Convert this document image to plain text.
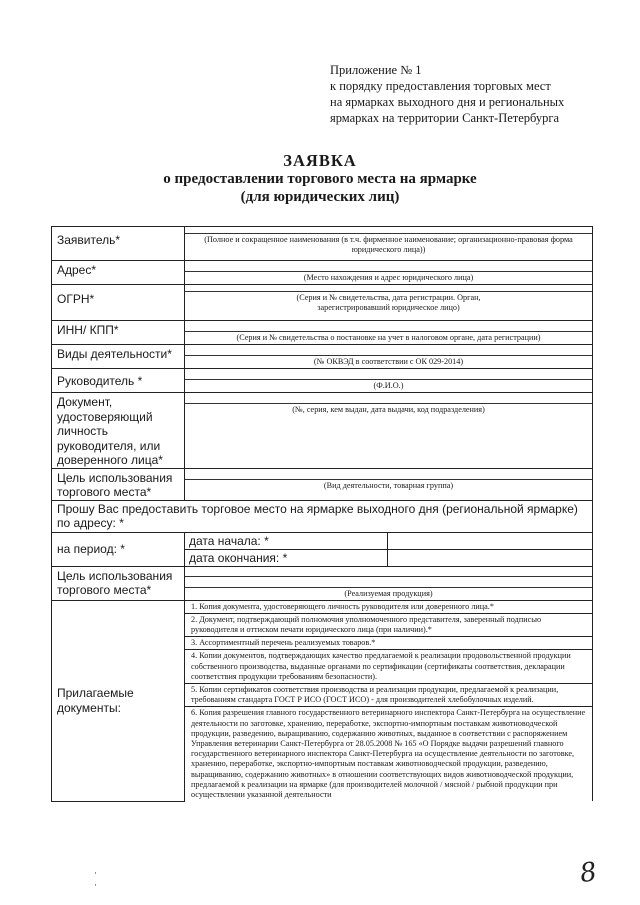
Приложение № 1
к порядку предоставления торговых мест
на ярмарках выходного дня и региональных
ярмарках на территории Санкт-Петербурга
ЗАЯВКА
о предоставлении торгового места на ярмарке
(для юридических лиц)
Заявитель*	(Полное и сокращенное наименования (в т.ч. фирменное наименование; организационно-правовая форма юридического лица))	

Адрес*	(Место нахождения и адрес юридического лица)	

ОГРН*	(Серия и № свидетельства, дата регистрации. Орган, зарегистрировавший юридическое лицо)	

ИНН/ КПП*	(Серия и № свидетельства о постановке на учет в налоговом органе, дата регистрации)	

Виды деятельности*	(№ ОКВЭД в соответствии с ОК 029-2014)	

Руководитель *	(Ф.И.О.)	

Документ, удостоверяющий личность руководителя, или доверенного лица*	(№, серия, кем выдан, дата выдачи, код подразделения)	

Цель использования торгового места*	(Вид деятельности, товарная группа)	

Прошу Вас предоставить торговое место на ярмарке выходного дня (региональной ярмарке) по адресу: *		
на период: *	дата начала: *	
	дата окончания: *	
Цель использования торгового места*	(Реализуемая продукция)	

Прилагаемые документы:	1. Копия документа, удостоверяющего личность руководителя или доверенного лица.*	
	2. Документ, подтверждающий полномочия уполномоченного представителя, заверенный подписью руководителя и оттиском печати юридического лица (при наличии).*	
	3. Ассортиментный перечень реализуемых товаров.*	
	4. Копии документов, подтверждающих качество предлагаемой к реализации продовольственной продукции собственного производства, выданные органами по сертификации (сертификаты соответствия, декларации соответствия продукции требованиям безопасности).	
	5. Копии сертификатов соответствия производства и реализации продукции, предлагаемой к реализации, требованиям стандарта ГОСТ Р ИСО (ГОСТ ИСО) - для производителей хлебобулочных изделий.	
	6. Копия разрешения главного государственного ветеринарного инспектора Санкт-Петербурга на осуществление деятельности по заготовке, хранению, переработке, экспортно-импортным поставкам животноводческой продукции, разведению, выращиванию, содержанию животных, выданное в соответствии с распоряжением Управления ветеринарии Санкт-Петербурга от 28.05.2008 № 165 «О Порядке выдачи разрешений главного государственного ветеринарного инспектора Санкт-Петербурга на осуществление деятельности по заготовке, хранению, переработке, экспортно-импортным поставкам животноводческой продукции, разведению, выращиванию, содержанию животных» в отношении соответствующих видов животноводческой продукции, предлагаемой к реализации на ярмарке (для производителей молочной / мясной / рыбной продукции при осуществлении указанной деятельности	
8
·
·
